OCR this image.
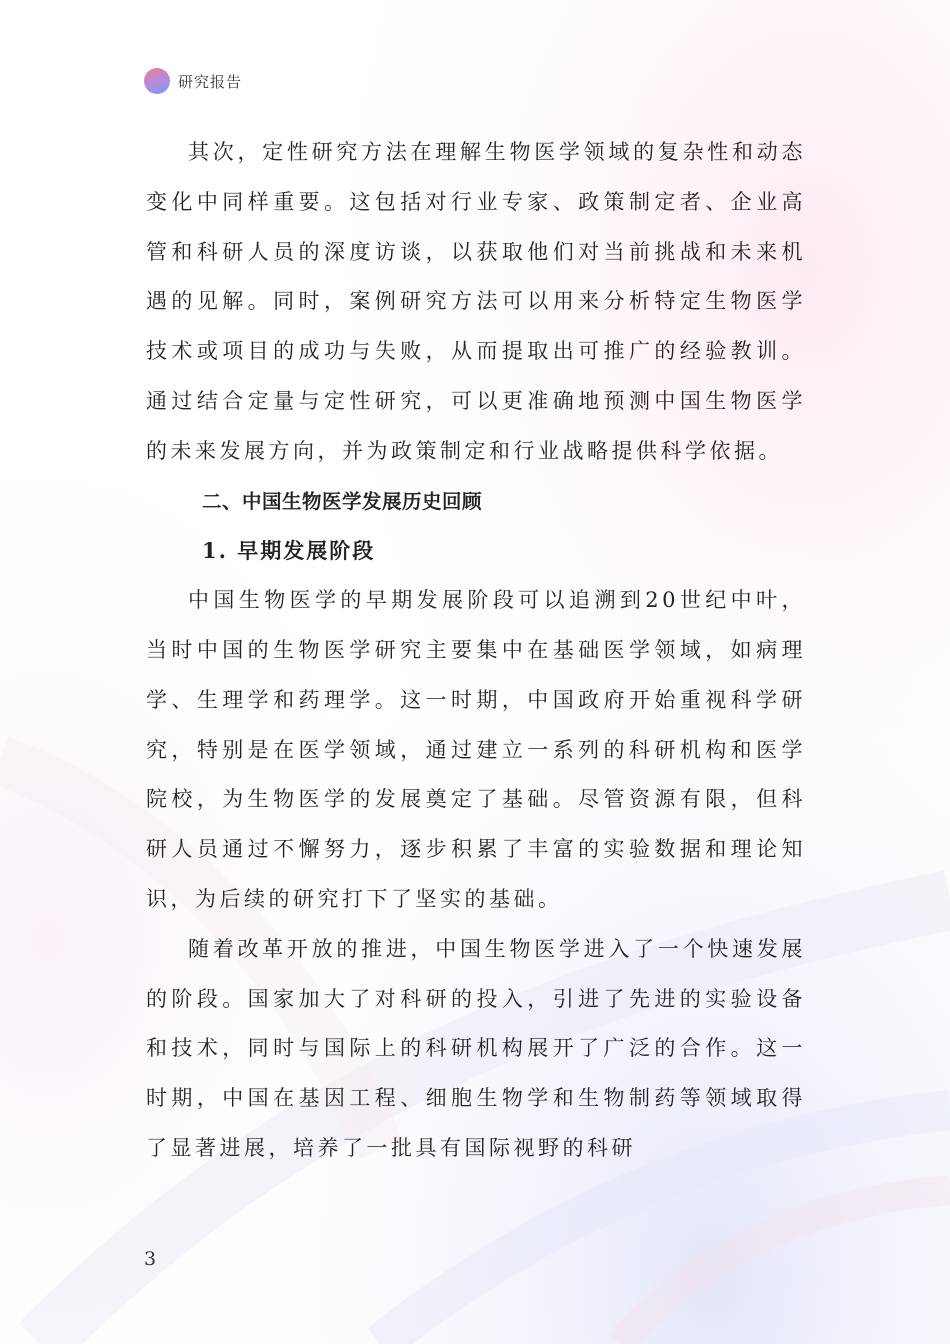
研究报告

其次，定性研究方法在理解生物医学领域的复杂性和动态变化中同样重要。这包括对行业专家、政策制定者、企业高管和科研人员的深度访谈，以获取他们对当前挑战和未来机遇的见解。同时，案例研究方法可以用来分析特定生物医学技术或项目的成功与失败，从而提取出可推广的经验教训。通过结合定量与定性研究，可以更准确地预测中国生物医学的未来发展方向，并为政策制定和行业战略提供科学依据。

二、中国生物医学发展历史回顾
1. 早期发展阶段

中国生物医学的早期发展阶段可以追溯到20世纪中叶，当时中国的生物医学研究主要集中在基础医学领域，如病理学、生理学和药理学。这一时期，中国政府开始重视科学研究，特别是在医学领域，通过建立一系列的科研机构和医学院校，为生物医学的发展奠定了基础。尽管资源有限，但科研人员通过不懈努力，逐步积累了丰富的实验数据和理论知识，为后续的研究打下了坚实的基础。

随着改革开放的推进，中国生物医学进入了一个快速发展的阶段。国家加大了对科研的投入，引进了先进的实验设备和技术，同时与国际上的科研机构展开了广泛的合作。这一时期，中国在基因工程、细胞生物学和生物制药等领域取得了显著进展，培养了一批具有国际视野的科研

3
